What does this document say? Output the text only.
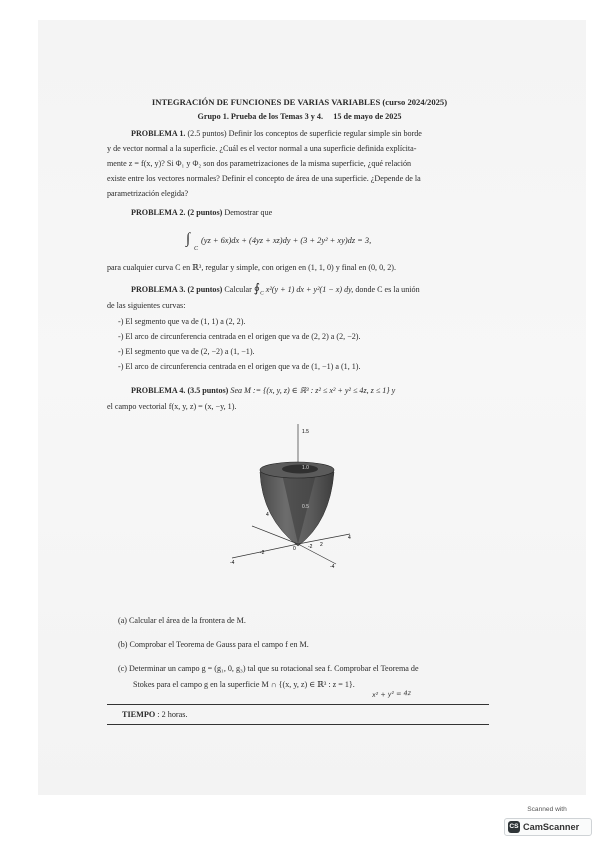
INTEGRACIÓN DE FUNCIONES DE VARIAS VARIABLES (curso 2024/2025)
Grupo 1. Prueba de los Temas 3 y 4. 15 de mayo de 2025
PROBLEMA 1. (2.5 puntos) Definir los conceptos de superficie regular simple sin borde
y de vector normal a la superficie. ¿Cuál es el vector normal a una superficie definida explícita-
mente z = f(x, y)? Si Φ₁ y Φ₂ son dos parametrizaciones de la misma superficie, ¿qué relación
existe entre los vectores normales? Definir el concepto de área de una superficie. ¿Depende de la
parametrización elegida?
PROBLEMA 2. (2 puntos) Demostrar que
∫
C
(yz + 6x)dx + (4yz + xz)dy + (3 + 2y² + xy)dz = 3,
para cualquier curva C en ℝ³, regular y simple, con origen en (1, 1, 0) y final en (0, 0, 2).
PROBLEMA 3. (2 puntos) Calcular $∮_C$ x²(y + 1) dx + y²(1 − x) dy, donde C es la unión
de las siguientes curvas:
-) El segmento que va de (1, 1) a (2, 2).
-) El arco de circunferencia centrada en el origen que va de (2, 2) a (2, −2).
-) El segmento que va de (2, −2) a (1, −1).
-) El arco de circunferencia centrada en el origen que va de (1, −1) a (1, 1).
PROBLEMA 4. (3.5 puntos) Sea M := {(x, y, z) ∈ ℝ³ : z² ≤ x² + y² ≤ 4z, z ≤ 1} y
el campo vectorial f(x, y, z) = (x, −y, 1).
1.5
1.0
0.5
4
-4
-2
0 -2 2
4
-4
(a) Calcular el área de la frontera de M.
(b) Comprobar el Teorema de Gauss para el campo f en M.
(c) Determinar un campo g = (g₁, 0, g₃) tal que su rotacional sea f. Comprobar el Teorema de
Stokes para el campo g en la superficie M ∩ {(x, y, z) ∈ ℝ³ : z = 1}.
x² + y² = 4z
TIEMPO : 2 horas.
Scanned with
CS CamScanner
